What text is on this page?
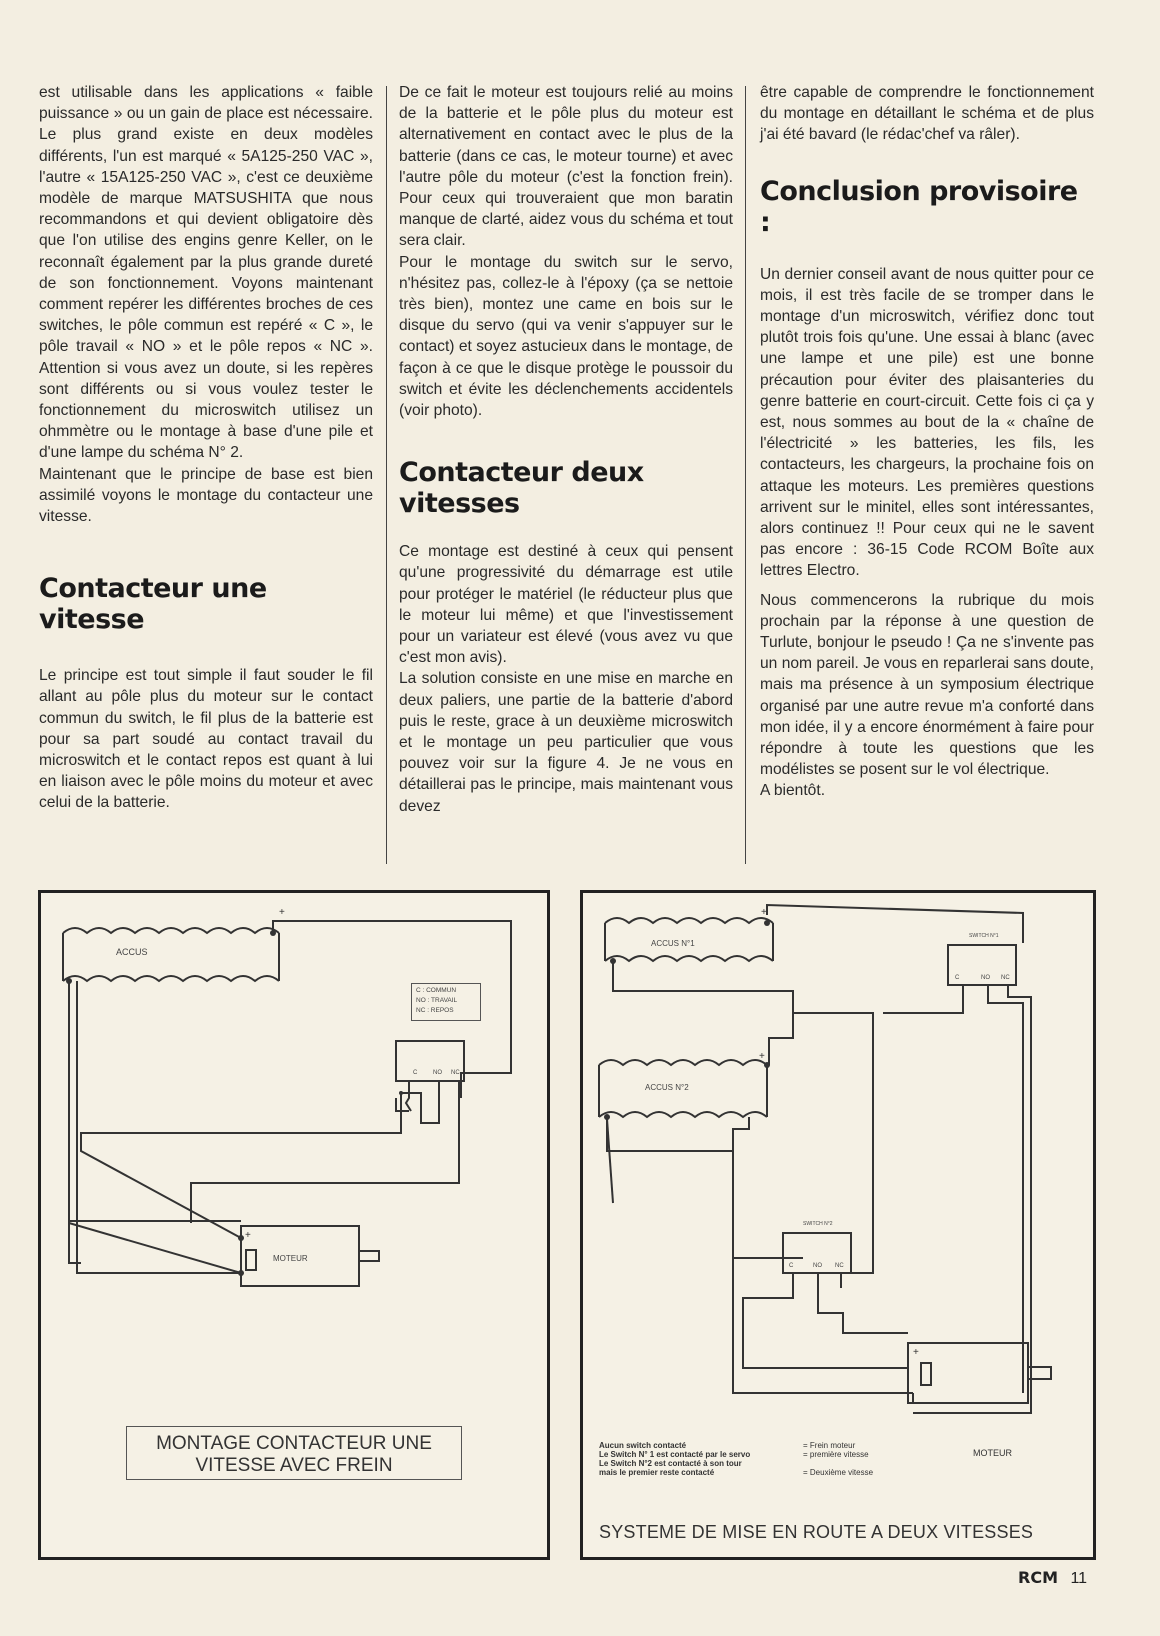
est utilisable dans les applications « faible puissance » ou un gain de place est nécessaire. Le plus grand existe en deux modèles différents, l'un est marqué « 5A125-250 VAC », l'autre « 15A125-250 VAC », c'est ce deuxième modèle de marque MATSUSHITA que nous recommandons et qui devient obligatoire dès que l'on utilise des engins genre Keller, on le reconnaît également par la plus grande dureté de son fonctionnement. Voyons maintenant comment repérer les différentes broches de ces switches, le pôle commun est repéré « C », le pôle travail « NO » et le pôle repos « NC ». Attention si vous avez un doute, si les repères sont différents ou si vous voulez tester le fonctionnement du microswitch utilisez un ohmmètre ou le montage à base d'une pile et d'une lampe du schéma N° 2.

Maintenant que le principe de base est bien assimilé voyons le montage du contacteur une vitesse.

Contacteur une vitesse

Le principe est tout simple il faut souder le fil allant au pôle plus du moteur sur le contact commun du switch, le fil plus de la batterie est pour sa part soudé au contact travail du microswitch et le contact repos est quant à lui en liaison avec le pôle moins du moteur et avec celui de la batterie.

De ce fait le moteur est toujours relié au moins de la batterie et le pôle plus du moteur est alternativement en contact avec le plus de la batterie (dans ce cas, le moteur tourne) et avec l'autre pôle du moteur (c'est la fonction frein). Pour ceux qui trouveraient que mon baratin manque de clarté, aidez vous du schéma et tout sera clair.

Pour le montage du switch sur le servo, n'hésitez pas, collez-le à l'époxy (ça se nettoie très bien), montez une came en bois sur le disque du servo (qui va venir s'appuyer sur le contact) et soyez astucieux dans le montage, de façon à ce que le disque protège le poussoir du switch et évite les déclenchements accidentels (voir photo).

Contacteur deux vitesses

Ce montage est destiné à ceux qui pensent qu'une progressivité du démarrage est utile pour protéger le matériel (le réducteur plus que le moteur lui même) et que l'investissement pour un variateur est élevé (vous avez vu que c'est mon avis).

La solution consiste en une mise en marche en deux paliers, une partie de la batterie d'abord puis le reste, grace à un deuxième microswitch et le montage un peu particulier que vous pouvez voir sur la figure 4. Je ne vous en détaillerai pas le principe, mais maintenant vous devez

être capable de comprendre le fonctionnement du montage en détaillant le schéma et de plus j'ai été bavard (le rédac'chef va râler).

Conclusion provisoire :

Un dernier conseil avant de nous quitter pour ce mois, il est très facile de se tromper dans le montage d'un microswitch, vérifiez donc tout plutôt trois fois qu'une. Une essai à blanc (avec une lampe et une pile) est une bonne précaution pour éviter des plaisanteries du genre batterie en court-circuit. Cette fois ci ça y est, nous sommes au bout de la « chaîne de l'électricité » les batteries, les fils, les contacteurs, les chargeurs, la prochaine fois on attaque les moteurs. Les premières questions arrivent sur le minitel, elles sont intéressantes, alors continuez !! Pour ceux qui ne le savent pas encore : 36-15 Code RCOM Boîte aux lettres Electro.

Nous commencerons la rubrique du mois prochain par la réponse à une question de Turlute, bonjour le pseudo ! Ça ne s'invente pas un nom pareil. Je vous en reparlerai sans doute, mais ma présence à un symposium électrique organisé par une autre revue m'a conforté dans mon idée, il y a encore énormément à faire pour répondre à toute les questions que les modélistes se posent sur le vol électrique.

A bientôt.

ACCUS
C	NO NC
+
+
MOTEUR
C : COMMUN
NO : TRAVAIL
NC : REPOS
MONTAGE CONTACTEUR UNE
VITESSE AVEC FREIN
ACCUS N°1
ACCUS N°2
SWITCH N°1
SWITCH N°2
C	NO NC
C	NO NC
+
+
+
Aucun switch contacté
Le Switch N° 1 est contacté par le servo
Le Switch N°2 est contacté à son tour
mais le premier reste contacté
= Frein moteur
= première vitesse
= Deuxième vitesse
MOTEUR
SYSTEME DE MISE EN ROUTE A DEUX VITESSES
RCM 11
